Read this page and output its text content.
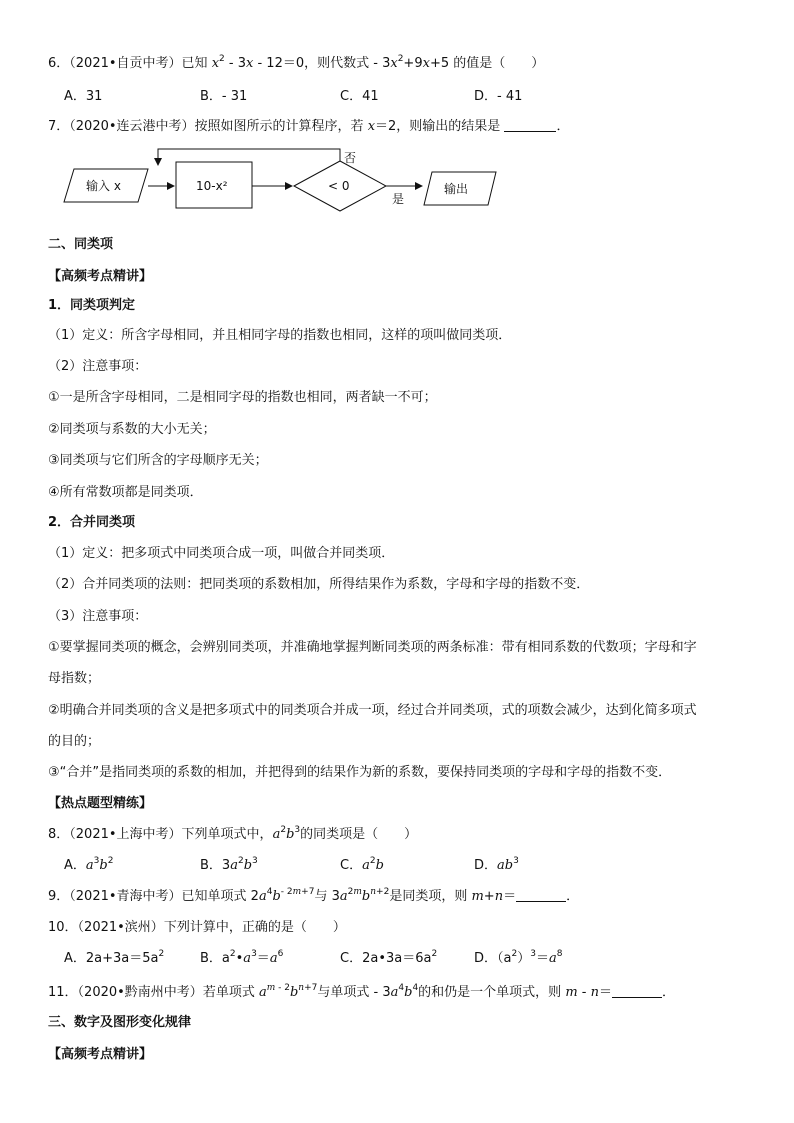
6．（2021•自贡中考）已知 $x^2 - 3x - 12=0$，则代数式 - $3x^2+9x+5$ 的值是（　　）
A．31	B．- 31	C．41	D．- 41
7．（2020•连云港中考）按照如图所示的计算程序，若 x＝2，则输出的结果是	．
输入 x	10-x²	< 0
否
是
输出
二、同类项
【高频考点精讲】
1．同类项判定
（1）定义：所含字母相同，并且相同字母的指数也相同，这样的项叫做同类项．
（2）注意事项：
①一是所含字母相同，二是相同字母的指数也相同，两者缺一不可；
②同类项与系数的大小无关；
③同类项与它们所含的字母顺序无关；
④所有常数项都是同类项．
2．合并同类项
（1）定义：把多项式中同类项合成一项，叫做合并同类项．
（2）合并同类项的法则：把同类项的系数相加，所得结果作为系数，字母和字母的指数不变．
（3）注意事项：
①要掌握同类项的概念，会辨别同类项，并准确地掌握判断同类项的两条标准：带有相同系数的代数项；字母和字
母指数；
②明确合并同类项的含义是把多项式中的同类项合并成一项，经过合并同类项，式的项数会减少，达到化简多项式
的目的；
③“合并”是指同类项的系数的相加，并把得到的结果作为新的系数，要保持同类项的字母和字母的指数不变．
【热点题型精练】
8．（2021•上海中考）下列单项式中，$a^2b^3$的同类项是（　　）
A．$a^3b^2$	B．$3a^2b^3$	C．$a^2b$	D．$ab^3$
9．（2021•青海中考）已知单项式 $2a^4b^{- 2m+7}$与 $3a^{2m}b^{n+2}$是同类项，则 m+n＝	．
10．（2021•滨州）下列计算中，正确的是（　　）
A．$2a+3a=5a^2$	B．$a^2•a^3=a^6$	C．$2a•3a=6a^2$	D．$(a^2)^3=a^8$
11．（2020•黔南州中考）若单项式 $a^{m - 2}b^{n+7}$与单项式 - $3a^4b^4$的和仍是一个单项式，则 m - n＝	．
三、数字及图形变化规律
【高频考点精讲】
